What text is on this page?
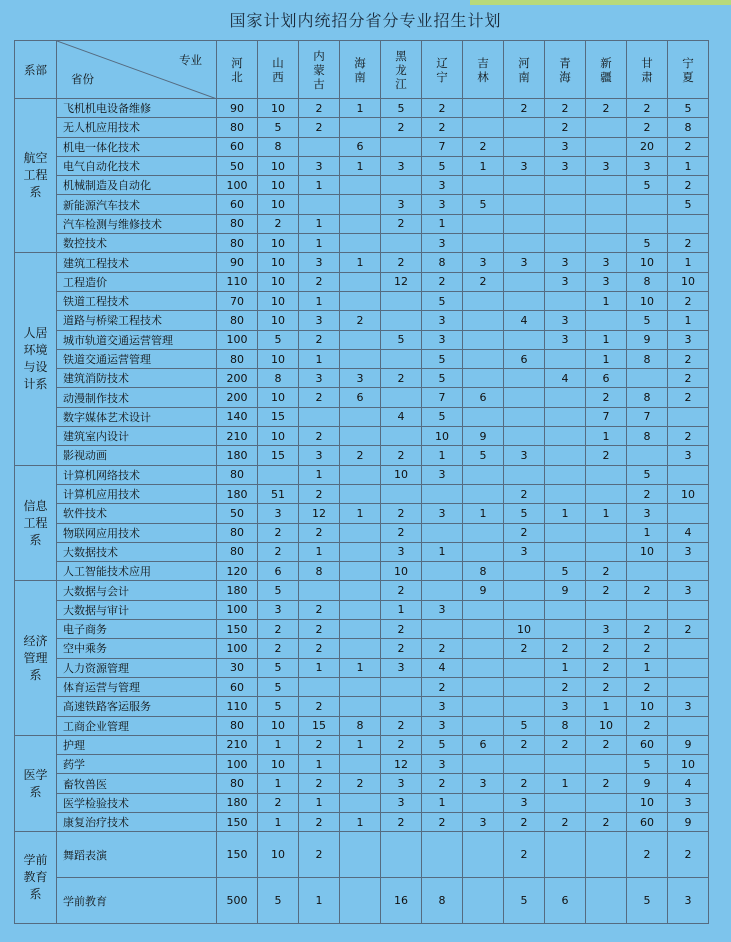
国家计划内统招分省分专业招生计划
系部	专业
省份	河北	山西	内蒙古	海南	黑龙江	辽宁	吉林	河南	青海	新疆	甘肃	宁夏
航空工程系	飞机机电设备维修	90	10	2	1	5	2		2	2	2	2	5
	无人机应用技术	80	5	2		2	2			2		2	8
	机电一体化技术	60	8		6		7	2		3		20	2
	电气自动化技术	50	10	3	1	3	5	1	3	3	3	3	1
	机械制造及自动化	100	10	1			3					5	2
	新能源汽车技术	60	10			3	3	5					5
	汽车检测与维修技术	80	2	1		2	1						
	数控技术	80	10	1			3					5	2
人居环境与设计系	建筑工程技术	90	10	3	1	2	8	3	3	3	3	10	1
	工程造价	110	10	2		12	2	2		3	3	8	10
	铁道工程技术	70	10	1			5				1	10	2
	道路与桥梁工程技术	80	10	3	2		3		4	3		5	1
	城市轨道交通运营管理	100	5	2		5	3			3	1	9	3
	铁道交通运营管理	80	10	1			5		6		1	8	2
	建筑消防技术	200	8	3	3	2	5			4	6		2
	动漫制作技术	200	10	2	6		7	6			2	8	2
	数字媒体艺术设计	140	15			4	5				7	7	
	建筑室内设计	210	10	2			10	9			1	8	2
	影视动画	180	15	3	2	2	1	5	3		2		3
信息工程系	计算机网络技术	80		1		10	3					5	
	计算机应用技术	180	51	2					2			2	10
	软件技术	50	3	12	1	2	3	1	5	1	1	3	
	物联网应用技术	80	2	2		2			2			1	4
	大数据技术	80	2	1		3	1		3			10	3
	人工智能技术应用	120	6	8		10		8		5	2		
经济管理系	大数据与会计	180	5			2		9		9	2	2	3
	大数据与审计	100	3	2		1	3						
	电子商务	150	2	2		2			10		3	2	2
	空中乘务	100	2	2		2	2		2	2	2	2	
	人力资源管理	30	5	1	1	3	4			1	2	1	
	体育运营与管理	60	5				2			2	2	2	
	高速铁路客运服务	110	5	2			3			3	1	10	3
	工商企业管理	80	10	15	8	2	3		5	8	10	2	
医学系	护理	210	1	2	1	2	5	6	2	2	2	60	9
	药学	100	10	1		12	3					5	10
	畜牧兽医	80	1	2	2	3	2	3	2	1	2	9	4
	医学检验技术	180	2	1		3	1		3			10	3
	康复治疗技术	150	1	2	1	2	2	3	2	2	2	60	9
学前教育系	舞蹈表演	150	10	2					2			2	2
	学前教育	500	5	1		16	8		5	6		5	3
